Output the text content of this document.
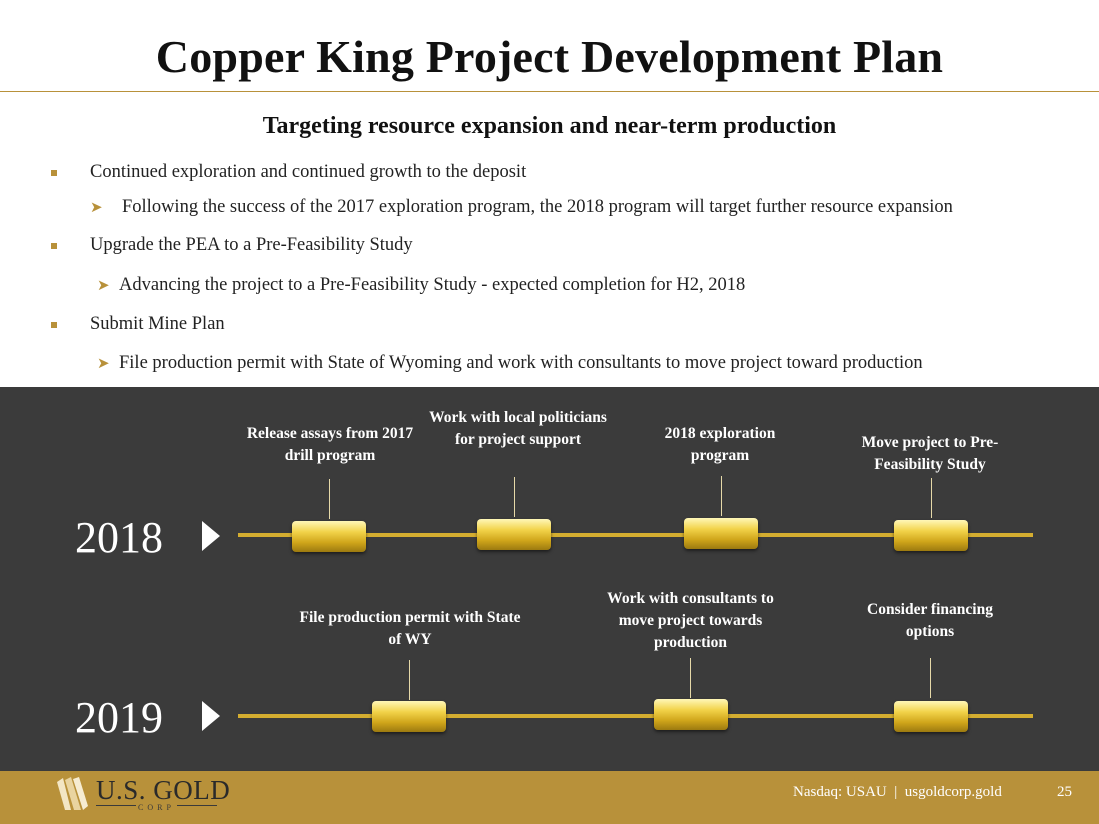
Copper King Project Development Plan
Targeting resource expansion and near-term production
Continued exploration and continued growth to the deposit
➤ Following the success of the 2017 exploration program, the 2018 program will target further resource expansion
Upgrade the PEA to a Pre-Feasibility Study
➤ Advancing the project to a Pre-Feasibility Study - expected completion for H2, 2018
Submit Mine Plan
➤ File production permit with State of Wyoming and work with consultants to move project toward production
2018
Release assays from 2017 drill program
Work with local politicians for project support	2018 exploration program
Move project to Pre-Feasibility Study
2019
File production permit with State of WY
Work with consultants to move project towards production
Consider financing options
U.S. GOLD
CORP
Nasdaq: USAU  |  usgoldcorp.gold	25
